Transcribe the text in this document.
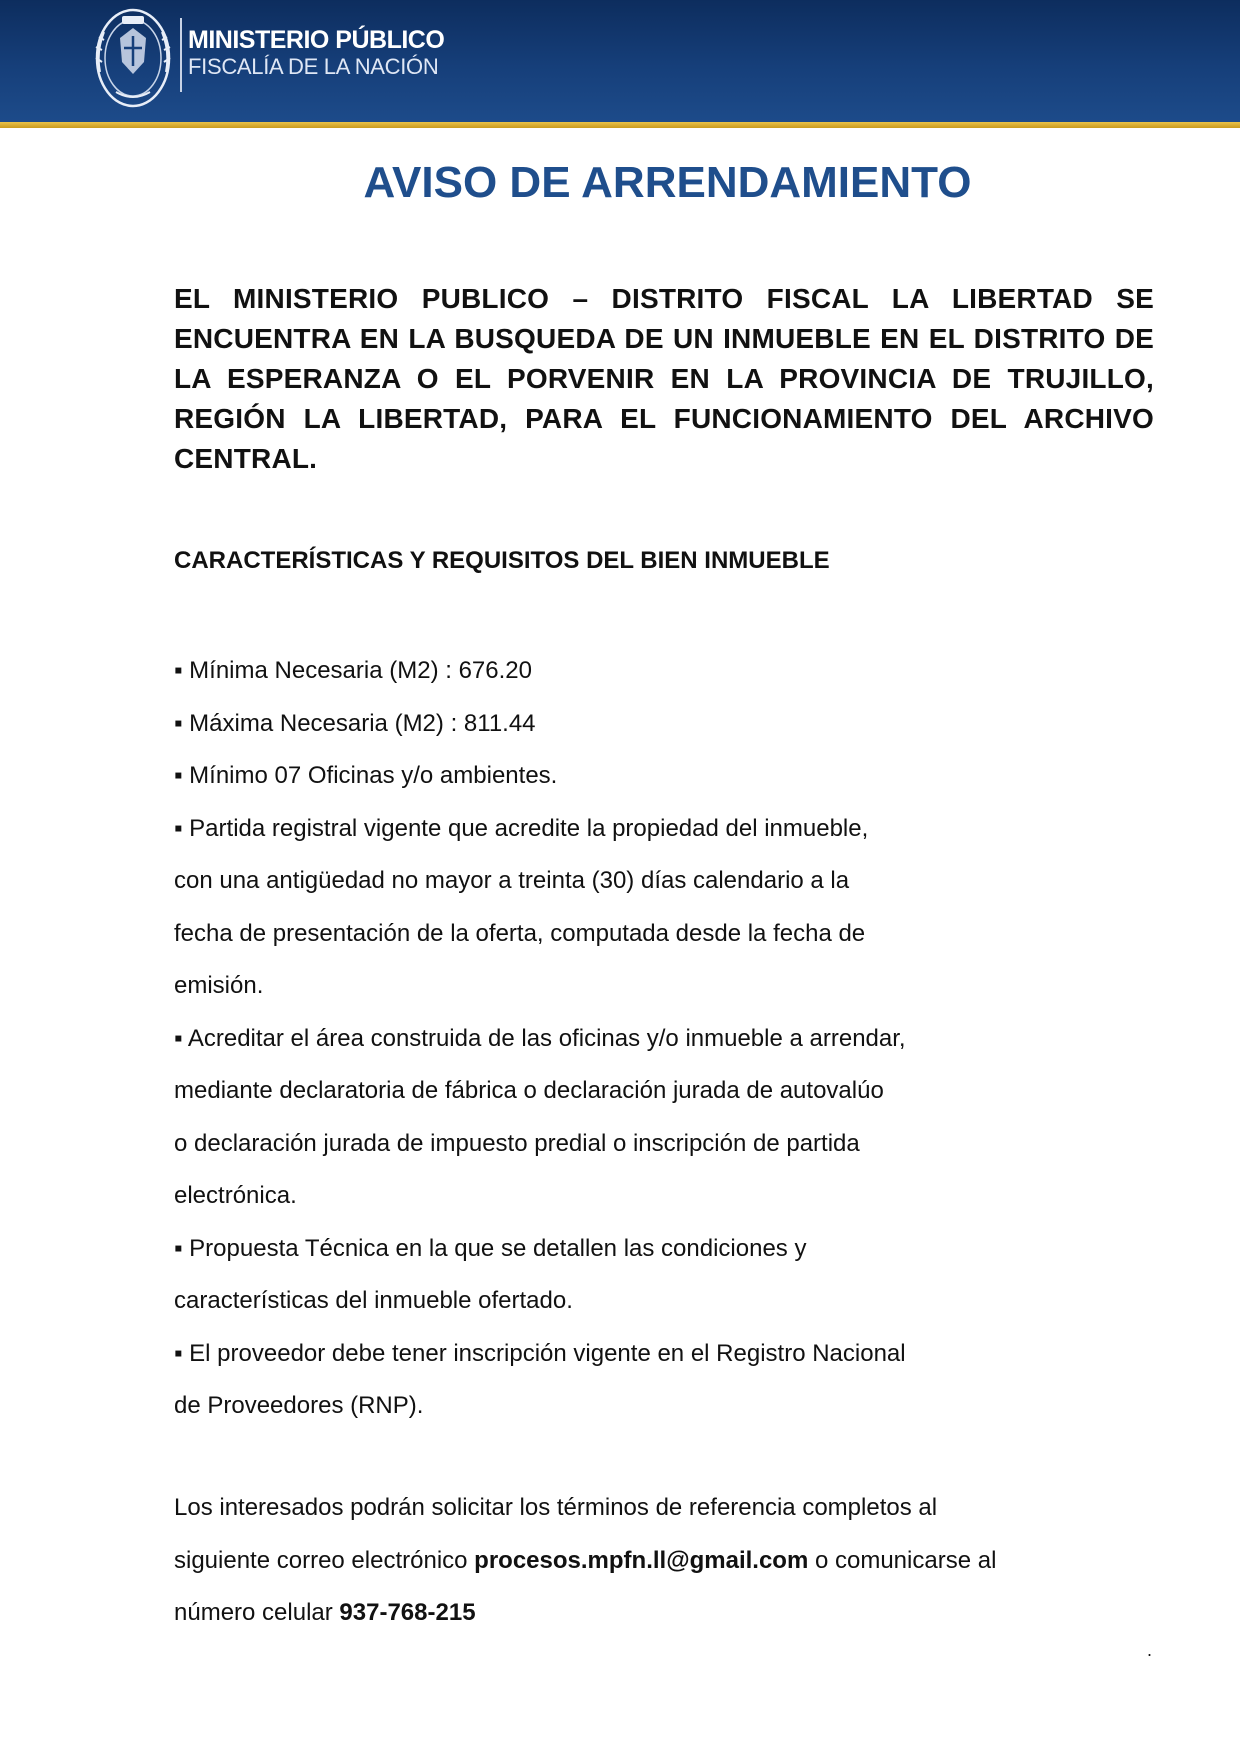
MINISTERIO PÚBLICO
FISCALÍA DE LA NACIÓN
AVISO DE ARRENDAMIENTO
EL MINISTERIO PUBLICO – DISTRITO FISCAL LA LIBERTAD SE ENCUENTRA EN LA BUSQUEDA DE UN INMUEBLE EN EL DISTRITO DE LA ESPERANZA O EL PORVENIR EN LA PROVINCIA DE TRUJILLO, REGIÓN LA LIBERTAD, PARA EL FUNCIONAMIENTO DEL ARCHIVO CENTRAL.
CARACTERÍSTICAS Y REQUISITOS DEL BIEN INMUEBLE
▪ Mínima Necesaria (M2) : 676.20
▪ Máxima Necesaria (M2) : 811.44
▪ Mínimo 07 Oficinas y/o ambientes.
▪ Partida registral vigente que acredite la propiedad del inmueble,
con una antigüedad no mayor a treinta (30) días calendario a la
fecha de presentación de la oferta, computada desde la fecha de
emisión.
▪ Acreditar el área construida de las oficinas y/o inmueble a arrendar,
mediante declaratoria de fábrica o declaración jurada de autovalúo
o declaración jurada de impuesto predial o inscripción de partida
electrónica.
▪ Propuesta Técnica en la que se detallen las condiciones y
características del inmueble ofertado.
▪ El proveedor debe tener inscripción vigente en el Registro Nacional
de Proveedores (RNP).
Los interesados podrán solicitar los términos de referencia completos al
siguiente correo electrónico procesos.mpfn.ll@gmail.com o comunicarse al
número celular 937-768-215
.
